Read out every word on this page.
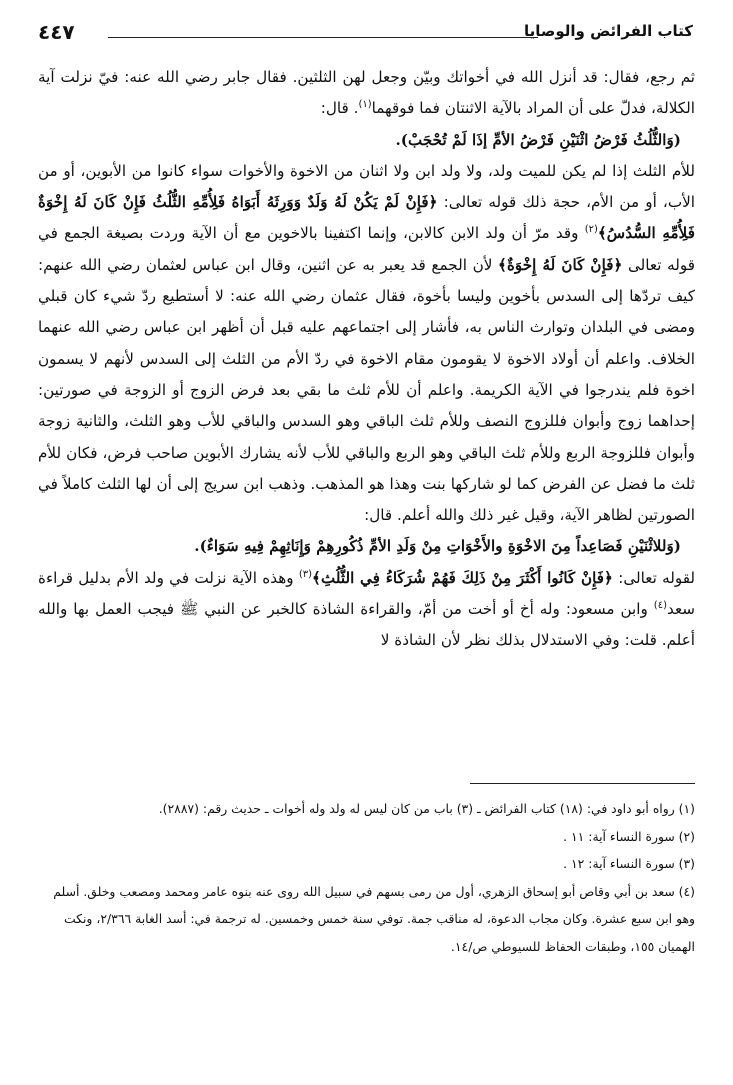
كتاب الفرائض والوصايا
٤٤٧

ثم رجع، فقال: قد أنزل الله في أخواتك وبيّن وجعل لهن الثلثين. فقال جابر رضي الله عنه: فيّ نزلت آية الكلالة، فدلّ على أن المراد بالآية الاثنتان فما فوقهما$^{(١)}$. قال:

(وَالثُّلُثُ فَرْضُ اثْنَيْنِ فَرْضُ الأمِّ إذَا لَمْ تُحْجَبْ).

للأم الثلث إذا لم يكن للميت ولد، ولا ولد ابن ولا اثنان من الاخوة والأخوات سواء كانوا من الأبوين، أو من الأب، أو من الأم، حجة ذلك قوله تعالى: ﴿فَإِنْ لَمْ يَكُنْ لَهُ وَلَدٌ وَوَرِثَهُ أَبَوَاهُ فَلِأُمِّهِ الثُّلُثُ فَإِنْ كَانَ لَهُ إِخْوَةٌ فَلِأُمِّهِ السُّدُسُ﴾$^{(٢)}$ وقد مرّ أن ولد الابن كالابن، وإنما اكتفينا بالاخوين مع أن الآية وردت بصيغة الجمع في قوله تعالى ﴿فَإِنْ كَانَ لَهُ إِخْوَةٌ﴾ لأن الجمع قد يعبر به عن اثنين، وقال ابن عباس لعثمان رضي الله عنهم: كيف تردّها إلى السدس بأخوين وليسا بأخوة، فقال عثمان رضي الله عنه: لا أستطيع ردّ شيء كان قبلي ومضى في البلدان وتوارث الناس به، فأشار إلى اجتماعهم عليه قبل أن أظهر ابن عباس رضي الله عنهما الخلاف. واعلم أن أولاد الاخوة لا يقومون مقام الاخوة في ردّ الأم من الثلث إلى السدس لأنهم لا يسمون اخوة فلم يندرجوا في الآية الكريمة. واعلم أن للأم ثلث ما بقي بعد فرض الزوج أو الزوجة في صورتين: إحداهما زوج وأبوان فللزوج النصف وللأم ثلث الباقي وهو السدس والباقي للأب وهو الثلث، والثانية زوجة وأبوان فللزوجة الربع وللأم ثلث الباقي وهو الربع والباقي للأب لأنه يشارك الأبوين صاحب فرض، فكان للأم ثلث ما فضل عن الفرض كما لو شاركها بنت وهذا هو المذهب. وذهب ابن سريج إلى أن لها الثلث كاملاً في الصورتين لظاهر الآية، وقيل غير ذلك والله أعلم. قال:

(وَللاثْنَيْنِ فَصَاعِداً مِنَ الاخْوَةِ والأَخْوَاتِ مِنْ وَلَدِ الأمِّ ذُكُورِهِمْ وَإِنَاثِهِمْ فِيهِ سَوَاءٌ).

لقوله تعالى: ﴿فَإِنْ كَانُوا أَكْثَرَ مِنْ ذَلِكَ فَهُمْ شُرَكَاءُ فِي الثُّلُثِ﴾$^{(٣)}$ وهذه الآية نزلت في ولد الأم بدليل قراءة سعد$^{(٤)}$ وابن مسعود: وله أخ أو أخت من أمّ، والقراءة الشاذة كالخبر عن النبي ﷺ فيجب العمل بها والله أعلم. قلت: وفي الاستدلال بذلك نظر لأن الشاذة لا

(١) رواه أبو داود في: (١٨) كتاب الفرائض ـ (٣) باب من كان ليس له ولد وله أخوات ـ حديث رقم: (٢٨٨٧).

(٢) سورة النساء آية: ١١ .

(٣) سورة النساء آية: ١٢ .

(٤) سعد بن أبي وقاص أبو إسحاق الزهري، أول من رمى بسهم في سبيل الله روى عنه بنوه عامر ومحمد ومصعب وخلق. أسلم وهو ابن سبع عشرة. وكان مجاب الدعوة، له مناقب جمة. توفي سنة خمس وخمسين. له ترجمة في: أسد الغابة ٢/٣٦٦، ونكت الهميان ١٥٥، وطبقات الحفاظ للسيوطي ص/١٤.
